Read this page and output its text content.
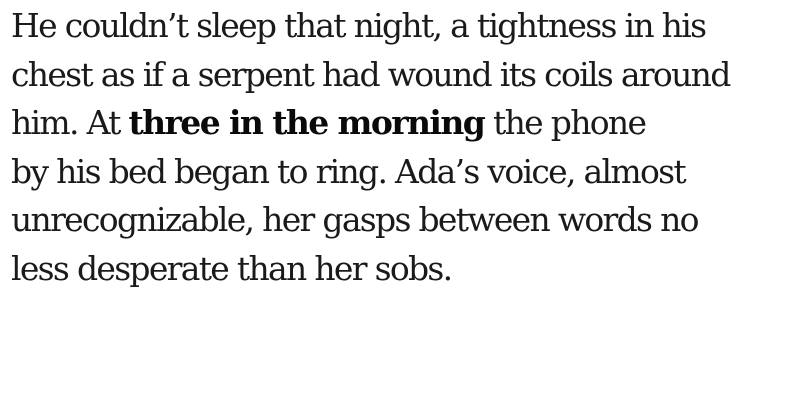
He couldn’t sleep that night, a tightness in his
chest as if a serpent had wound its coils around
him. At three in the morning the phone
by his bed began to ring. Ada’s voice, almost
unrecognizable, her gasps between words no
less desperate than her sobs.
